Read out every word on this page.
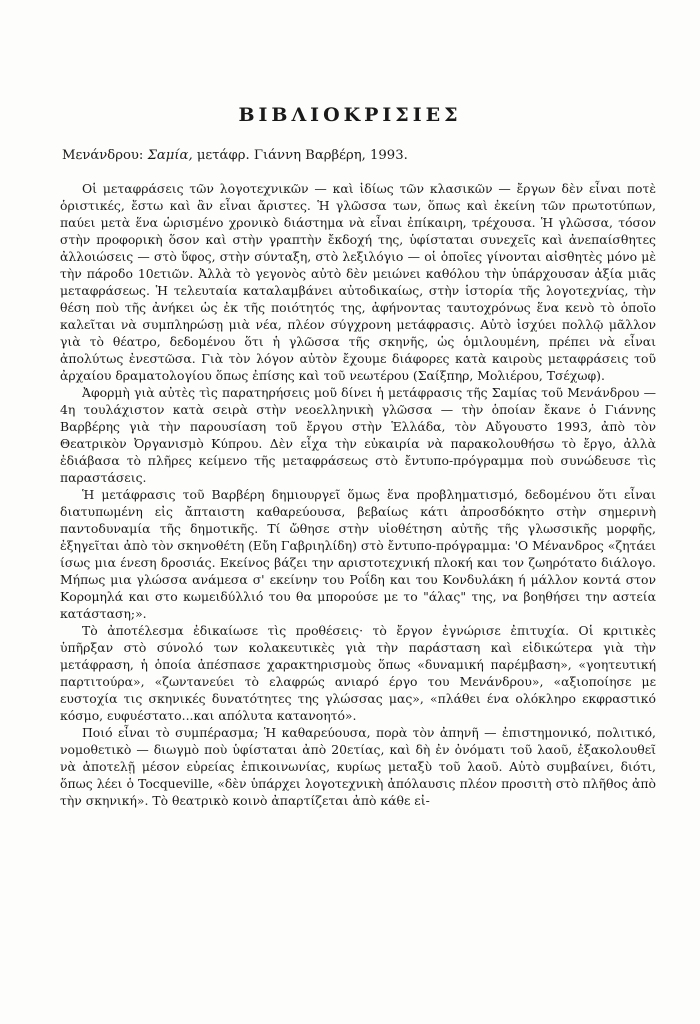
ΒΙΒΛΙΟΚΡΙΣΙΕΣ

Μενάνδρου: Σαμία, μετάφρ. Γιάννη Βαρβέρη, 1993.

Οἱ μεταφράσεις τῶν λογοτεχνικῶν — καὶ ἰδίως τῶν κλασικῶν — ἔργων δὲν εἶναι ποτὲ ὁριστικές, ἔστω καὶ ἂν εἶναι ἄριστες. Ἡ γλῶσσα των, ὅπως καὶ ἐκείνη τῶν πρωτοτύπων, παύει μετὰ ἕνα ὡρισμένο χρονικὸ διάστημα νὰ εἶναι ἐπίκαιρη, τρέχουσα. Ἡ γλῶσσα, τόσον στὴν προφορικὴ ὅσον καὶ στὴν γραπτὴν ἔκδοχή της, ὑφίσταται συνεχεῖς καὶ ἀνεπαίσθητες ἀλλοιώσεις — στὸ ὕφος, στὴν σύνταξη, στὸ λεξιλόγιο — οἱ ὁποῖες γίνονται αἰσθητὲς μόνο μὲ τὴν πάροδο 10ετιῶν. Ἀλλὰ τὸ γεγονὸς αὐτὸ δὲν μειώνει καθόλου τὴν ὑπάρχουσαν ἀξία μιᾶς μεταφράσεως. Ἡ τελευταία καταλαμβάνει αὐτοδικαίως, στὴν ἱστορία τῆς λογοτεχνίας, τὴν θέση ποὺ τῆς ἀνήκει ὡς ἐκ τῆς ποιότητός της, ἀφήνοντας ταυτοχρόνως ἕνα κενὸ τὸ ὁποῖο καλεῖται νὰ συμπληρώσῃ μιὰ νέα, πλέον σύγχρονη μετάφρασις. Αὐτὸ ἰσχύει πολλῷ μᾶλλον γιὰ τὸ θέατρο, δεδομένου ὅτι ἡ γλῶσσα τῆς σκηνῆς, ὡς ὁμιλουμένη, πρέπει νὰ εἶναι ἀπολύτως ἐνεστῶσα. Γιὰ τὸν λόγον αὐτὸν ἔχουμε διάφορες κατὰ καιροὺς μεταφράσεις τοῦ ἀρχαίου δραματολογίου ὅπως ἐπίσης καὶ τοῦ νεωτέρου (Σαίξπηρ, Μολιέρου, Τσέχωφ).

Ἀφορμὴ γιὰ αὐτὲς τὶς παρατηρήσεις μοῦ δίνει ἡ μετάφρασις τῆς Σαμίας τοῦ Μενάνδρου — 4η τουλάχιστον κατὰ σειρὰ στὴν νεοελληνικὴ γλῶσσα — τὴν ὁποίαν ἔκανε ὁ Γιάννης Βαρβέρης γιὰ τὴν παρουσίαση τοῦ ἔργου στὴν Ἑλλάδα, τὸν Αὔγουστο 1993, ἀπὸ τὸν Θεατρικὸν Ὀργανισμὸ Κύπρου. Δὲν εἶχα τὴν εὐκαιρία νὰ παρακολουθήσω τὸ ἔργο, ἀλλὰ ἐδιάβασα τὸ πλῆρες κείμενο τῆς μεταφράσεως στὸ ἔντυπο-πρόγραμμα ποὺ συνώδευσε τὶς παραστάσεις.

Ἡ μετάφρασις τοῦ Βαρβέρη δημιουργεῖ ὅμως ἕνα προβληματισμό, δεδομένου ὅτι εἶναι διατυπωμένη εἰς ἄπταιστη καθαρεύουσα, βεβαίως κάτι ἀπροσδόκητο στὴν σημερινὴ παντοδυναμία τῆς δημοτικῆς. Τί ὤθησε στὴν υἱοθέτηση αὐτῆς τῆς γλωσσικῆς μορφῆς, ἐξηγεῖται ἀπὸ τὸν σκηνοθέτη (Εὔη Γαβριηλίδη) στὸ ἔντυπο-πρόγραμμα: 'Ο Μένανδρος «ζητάει ίσως μια ένεση δροσιάς. Εκείνος βάζει την αριστοτεχνική πλοκή και τον ζωηρότατο διάλογο. Μήπως μια γλώσσα ανάμεσα σ' εκείνην του Ροΐδη και του Κονδυλάκη ή μάλλον κοντά στον Κορομηλά και στο κωμειδύλλιό του θα μπορούσε με το "άλας" της, να βοηθήσει την αστεία κατάσταση;».

Τὸ ἀποτέλεσμα ἐδικαίωσε τὶς προθέσεις· τὸ ἔργον ἐγνώρισε ἐπιτυχία. Οἱ κριτικὲς ὑπῆρξαν στὸ σύνολό των κολακευτικὲς γιὰ τὴν παράσταση καὶ εἰδικώτερα γιὰ τὴν μετάφραση, ἡ ὁποία ἀπέσπασε χαρακτηρισμοὺς ὅπως «δυναμική παρέμβαση», «γοητευτική παρτιτούρα», «ζωντανεύει τὸ ελαφρώς ανιαρό έργο του Μενάνδρου», «αξιοποίησε με ευστοχία τις σκηνικές δυνατότητες της γλώσσας μας», «πλάθει ένα ολόκληρο εκφραστικό κόσμο, ευφυέστατο...και απόλυτα κατανοητό».

Ποιό εἶναι τὸ συμπέρασμα; Ἡ καθαρεύουσα, πορὰ τὸν ἀπηνῆ — ἐπιστημονικό, πολιτικό, νομοθετικὸ — διωγμὸ ποὺ ὑφίσταται ἀπὸ 20ετίας, καὶ δὴ ἐν ὀνόματι τοῦ λαοῦ, ἐξακολουθεῖ νὰ ἀποτελῇ μέσον εὐρείας ἐπικοινωνίας, κυρίως μεταξὺ τοῦ λαοῦ. Αὐτὸ συμβαίνει, διότι, ὅπως λέει ὁ Tocqueville, «δὲν ὑπάρχει λογοτεχνικὴ ἀπόλαυσις πλέον προσιτὴ στὸ πλῆθος ἀπὸ τὴν σκηνική». Τὸ θεατρικὸ κοινὸ ἀπαρτίζεται ἀπὸ κάθε εἰ-
